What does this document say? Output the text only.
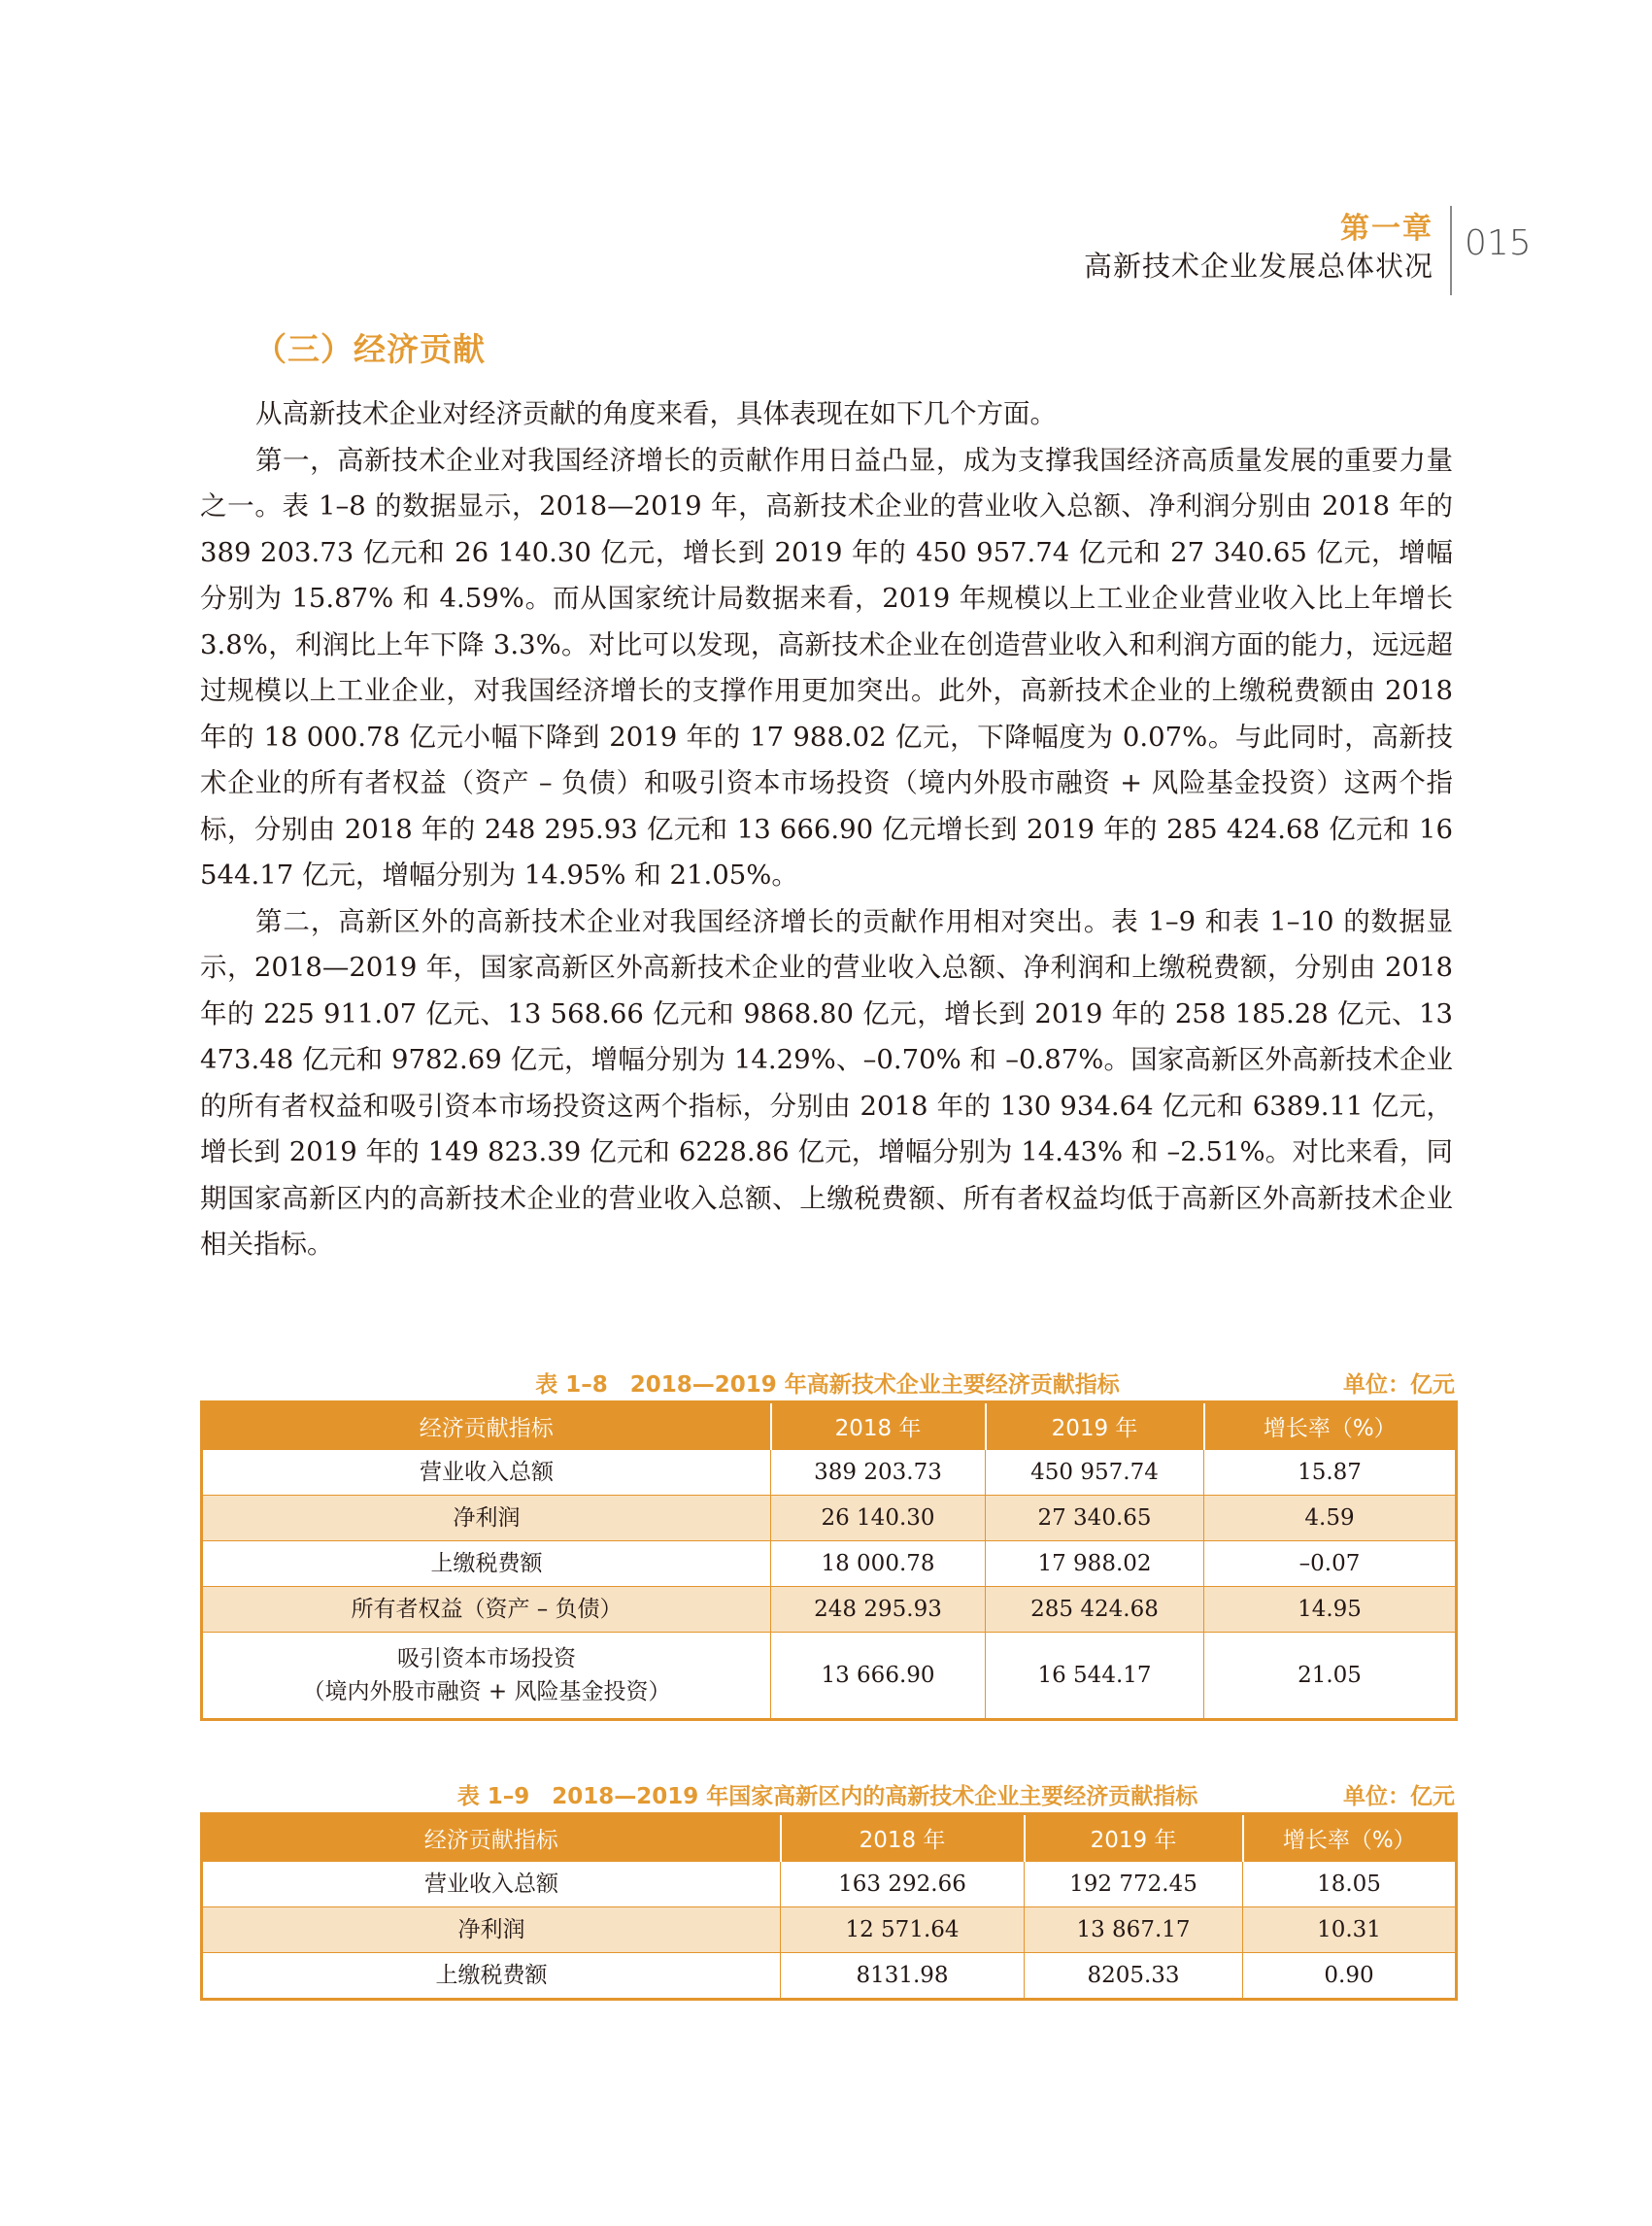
第一章
高新技术企业发展总体状况
015
（三）经济贡献

从高新技术企业对经济贡献的角度来看，具体表现在如下几个方面。

第一，高新技术企业对我国经济增长的贡献作用日益凸显，成为支撑我国经济高质量发展的重要力量之一。表 1–8 的数据显示，2018—2019 年，高新技术企业的营业收入总额、净利润分别由 2018 年的 389 203.73 亿元和 26 140.30 亿元，增长到 2019 年的 450 957.74 亿元和 27 340.65 亿元，增幅分别为 15.87% 和 4.59%。而从国家统计局数据来看，2019 年规模以上工业企业营业收入比上年增长 3.8%，利润比上年下降 3.3%。对比可以发现，高新技术企业在创造营业收入和利润方面的能力，远远超过规模以上工业企业，对我国经济增长的支撑作用更加突出。此外，高新技术企业的上缴税费额由 2018 年的 18 000.78 亿元小幅下降到 2019 年的 17 988.02 亿元，下降幅度为 0.07%。与此同时，高新技术企业的所有者权益（资产 – 负债）和吸引资本市场投资（境内外股市融资 + 风险基金投资）这两个指标，分别由 2018 年的 248 295.93 亿元和 13 666.90 亿元增长到 2019 年的 285 424.68 亿元和 16 544.17 亿元，增幅分别为 14.95% 和 21.05%。

第二，高新区外的高新技术企业对我国经济增长的贡献作用相对突出。表 1–9 和表 1–10 的数据显示，2018—2019 年，国家高新区外高新技术企业的营业收入总额、净利润和上缴税费额，分别由 2018 年的 225 911.07 亿元、13 568.66 亿元和 9868.80 亿元，增长到 2019 年的 258 185.28 亿元、13 473.48 亿元和 9782.69 亿元，增幅分别为 14.29%、–0.70% 和 –0.87%。国家高新区外高新技术企业的所有者权益和吸引资本市场投资这两个指标，分别由 2018 年的 130 934.64 亿元和 6389.11 亿元，增长到 2019 年的 149 823.39 亿元和 6228.86 亿元，增幅分别为 14.43% 和 –2.51%。对比来看，同期国家高新区内的高新技术企业的营业收入总额、上缴税费额、所有者权益均低于高新区外高新技术企业相关指标。

表 1–8　2018—2019 年高新技术企业主要经济贡献指标	单位：亿元
经济贡献指标	2018 年	2019 年	增长率（%）
营业收入总额	389 203.73	450 957.74	15.87
净利润	26 140.30	27 340.65	4.59
上缴税费额	18 000.78	17 988.02	–0.07
所有者权益（资产 – 负债）	248 295.93	285 424.68	14.95
吸引资本市场投资
（境内外股市融资 + 风险基金投资）	13 666.90	16 544.17	21.05
表 1–9　2018—2019 年国家高新区内的高新技术企业主要经济贡献指标	单位：亿元
经济贡献指标	2018 年	2019 年	增长率（%）
营业收入总额	163 292.66	192 772.45	18.05
净利润	12 571.64	13 867.17	10.31
上缴税费额	8131.98	8205.33	0.90
